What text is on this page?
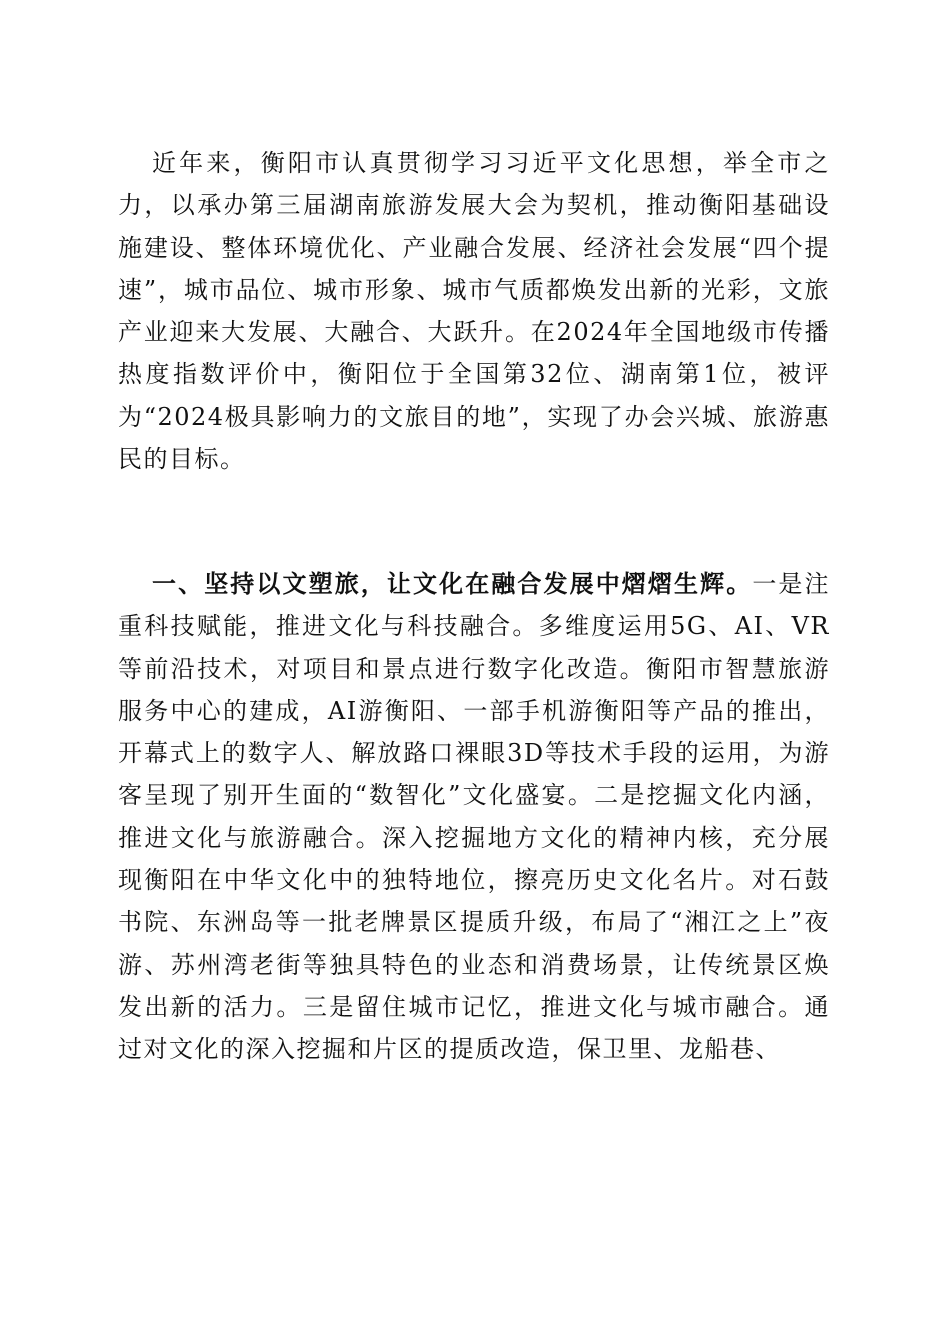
近年来，衡阳市认真贯彻学习习近平文化思想，举全市之力，以承办第三届湖南旅游发展大会为契机，推动衡阳基础设施建设、整体环境优化、产业融合发展、经济社会发展“四个提速”，城市品位、城市形象、城市气质都焕发出新的光彩，文旅产业迎来大发展、大融合、大跃升。在2024年全国地级市传播热度指数评价中，衡阳位于全国第32位、湖南第1位，被评为“2024极具影响力的文旅目的地”，实现了办会兴城、旅游惠民的目标。

一、坚持以文塑旅，让文化在融合发展中熠熠生辉。一是注重科技赋能，推进文化与科技融合。多维度运用5G、AI、VR等前沿技术，对项目和景点进行数字化改造。衡阳市智慧旅游服务中心的建成，AI游衡阳、一部手机游衡阳等产品的推出，开幕式上的数字人、解放路口裸眼3D等技术手段的运用，为游客呈现了别开生面的“数智化”文化盛宴。二是挖掘文化内涵，推进文化与旅游融合。深入挖掘地方文化的精神内核，充分展现衡阳在中华文化中的独特地位，擦亮历史文化名片。对石鼓书院、东洲岛等一批老牌景区提质升级，布局了“湘江之上”夜游、苏州湾老街等独具特色的业态和消费场景，让传统景区焕发出新的活力。三是留住城市记忆，推进文化与城市融合。通过对文化的深入挖掘和片区的提质改造，保卫里、龙船巷、
